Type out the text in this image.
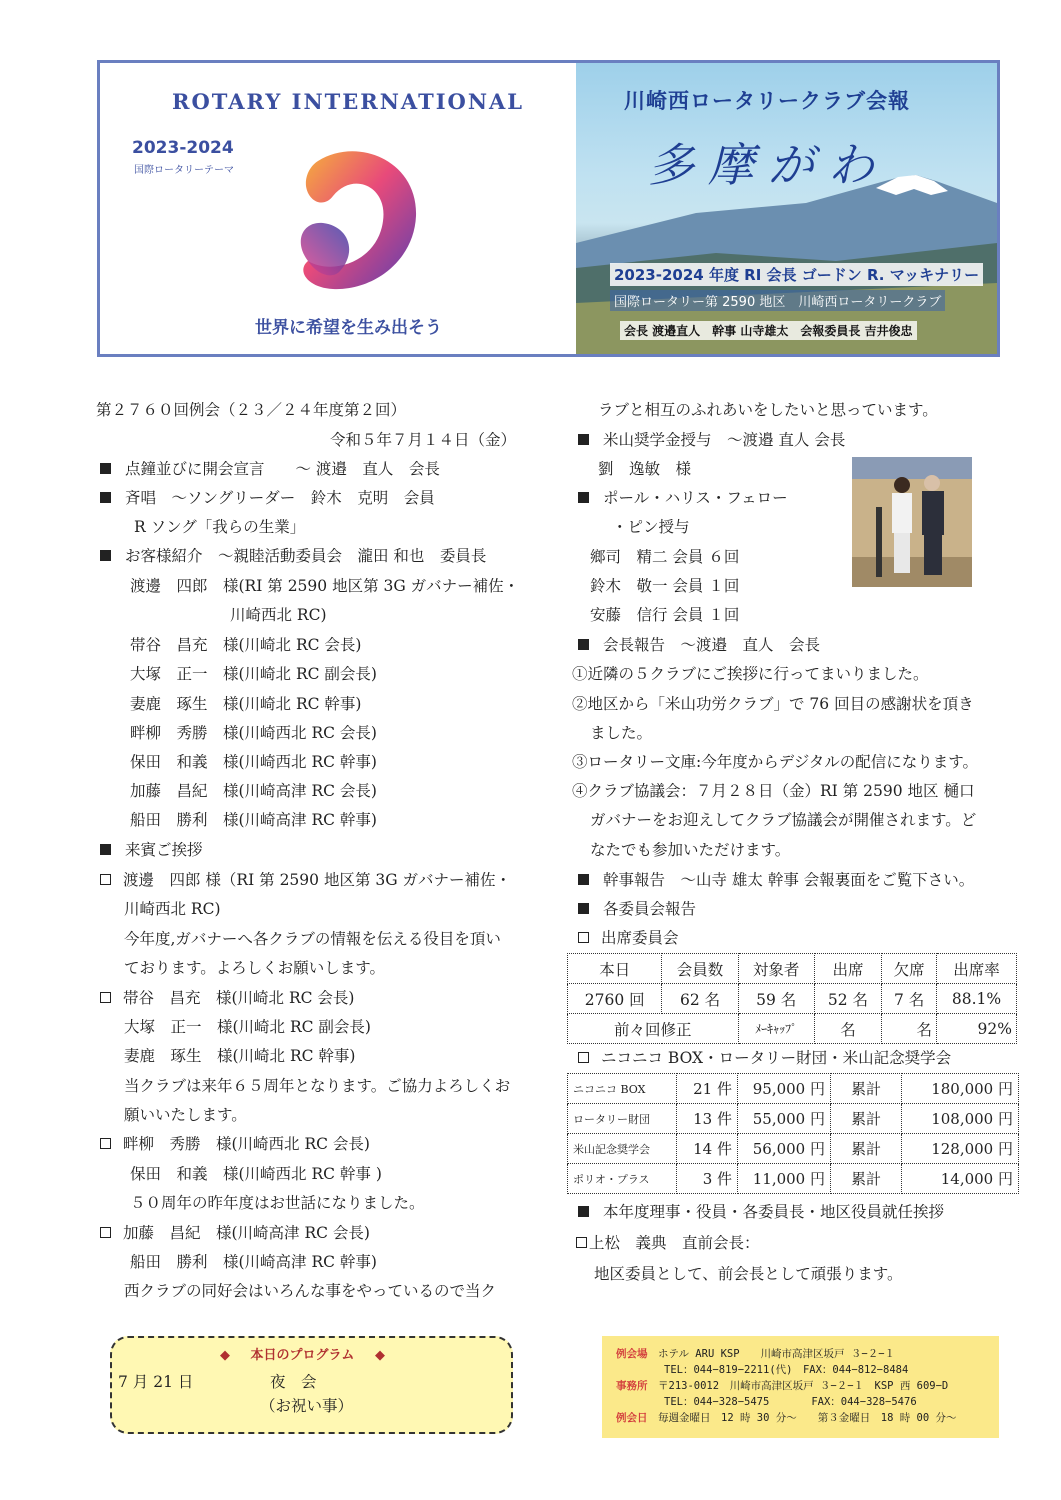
ROTARY INTERNATIONAL
2023-2024
国際ロータリーテーマ
世界に希望を生み出そう
川崎西ロータリークラブ会報
多摩がわ
2023-2024 年度 RI 会長 ゴードン R. マッキナリー
国際ロータリー第 2590 地区　川崎西ロータリークラブ
会長 渡邉直人　幹事 山寺雄太　会報委員長 吉井俊忠
第２７６０回例会（２３／２４年度第２回）
令和５年７月１４日（金）
点鐘並びに開会宣言　　～ 渡邉　直人　会長
斉唱　～ソングリーダー　鈴木　克明　会員
R ソング「我らの生業」
お客様紹介　～親睦活動委員会　瀧田 和也　委員長
渡邊　四郎　様(RI 第 2590 地区第 3G ガバナー補佐・
川崎西北 RC)
帯谷　昌充　様(川崎北 RC 会長)
大塚　正一　様(川崎北 RC 副会長)
妻鹿　琢生　様(川崎北 RC 幹事)
畔柳　秀勝　様(川崎西北 RC 会長)
保田　和義　様(川崎西北 RC 幹事)
加藤　昌紀　様(川崎高津 RC 会長)
船田　勝利　様(川崎高津 RC 幹事)
来賓ご挨拶
渡邊　四郎 様（RI 第 2590 地区第 3G ガバナー補佐・
川崎西北 RC)
今年度,ガバナーへ各クラブの情報を伝える役目を頂い
ております。よろしくお願いします。
帯谷　昌充　様(川崎北 RC 会長)
大塚　正一　様(川崎北 RC 副会長)
妻鹿　琢生　様(川崎北 RC 幹事)
当クラブは来年６５周年となります。ご協力よろしくお
願いいたします。
畔柳　秀勝　様(川崎西北 RC 会長)
保田　和義　様(川崎西北 RC 幹事 )
５０周年の昨年度はお世話になりました。
加藤　昌紀　様(川崎高津 RC 会長)
船田　勝利　様(川崎高津 RC 幹事)
西クラブの同好会はいろんな事をやっているので当ク
ラブと相互のふれあいをしたいと思っています。
米山奨学金授与　～渡邉 直人 会長
劉　逸敏　様
ポール・ハリス・フェロー
・ピン授与
鄉司　精二 会員 ６回
鈴木　敬一 会員 １回
安藤　信行 会員 １回
会長報告　～渡邉　直人　会長
①近隣の５クラブにご挨拶に行ってまいりました。
②地区から「米山功労クラブ」で 76 回目の感謝状を頂き
ました。
③ロータリー文庫:今年度からデジタルの配信になります。
④クラブ協議会：７月２８日（金）RI 第 2590 地区 樋口
ガバナーをお迎えしてクラブ協議会が開催されます。ど
なたでも参加いただけます。
幹事報告　～山寺 雄太 幹事 会報裏面をご覧下さい。
各委員会報告
出席委員会
本日	会員数	対象者	出席	欠席	出席率
2760 回	62 名	59 名	52 名	7 名	88.1%
前々回修正		ﾒｰｷｬｯﾌﾟ	名	名	92%
ニコニコ BOX・ロータリー財団・米山記念奨学会
ニコニコ BOX	21 件	95,000 円	累計	180,000 円
ロータリー財団	13 件	55,000 円	累計	108,000 円
米山記念奨学会	14 件	56,000 円	累計	128,000 円
ポリオ・プラス	3 件	11,000 円	累計	14,000 円
本年度理事・役員・各委員長・地区役員就任挨拶
上松　義典　直前会長：
地区委員として、前会長として頑張ります。
◆ 本日のプログラム ◆
7 月 21 日	夜　会
（お祝い事）
例会場　 ホテル ARU KSP　　川崎市高津区坂戸 ３−２−１
TEL：044−819−2211(代)　FAX：044−812−8484
事務所　 〒213-0012　川崎市高津区坂戸 ３−２−１　KSP 西 609−D
TEL：044−328−5475　　　　FAX：044−328−5476
例会日　 毎週金曜日　12 時 30 分〜　　第３金曜日　18 時 00 分〜
